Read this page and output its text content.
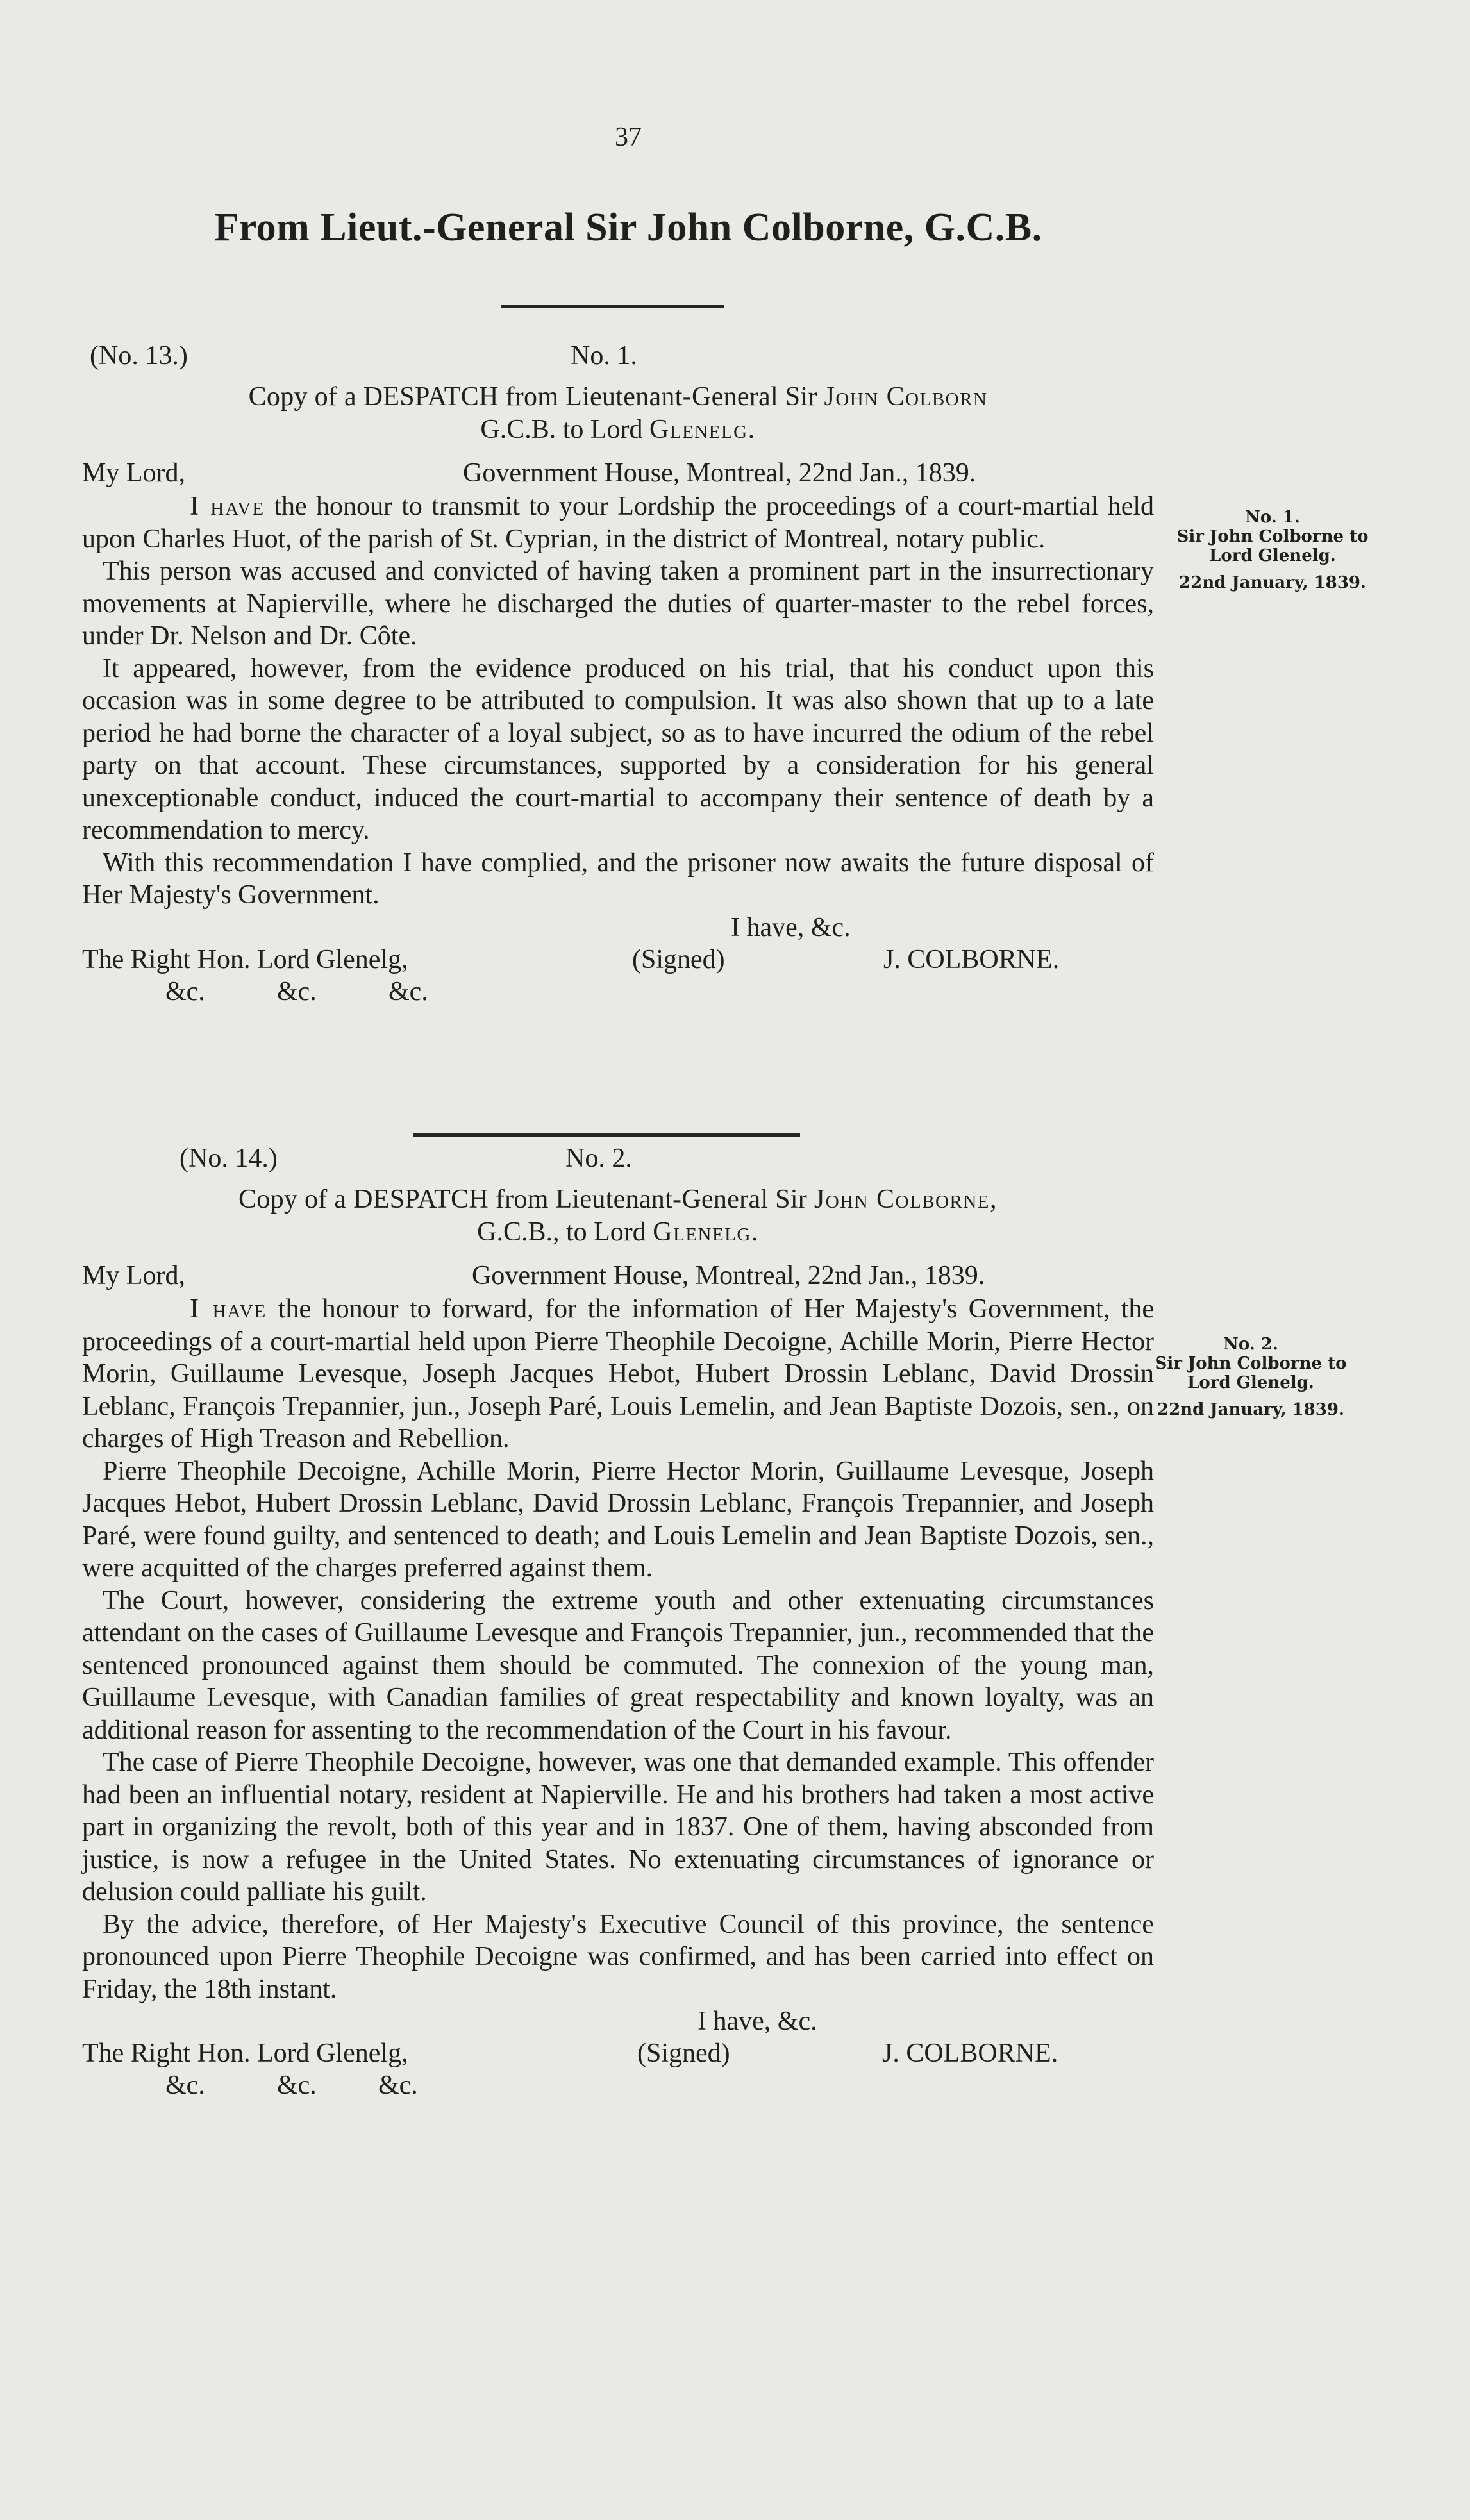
37
From Lieut.-General Sir John Colborne, G.C.B.
(No. 13.)	No. 1.
Copy of a DESPATCH from Lieutenant-General Sir John Colborn
G.C.B. to Lord Glenelg.
My Lord,	Government House, Montreal, 22nd Jan., 1839.

I have the honour to transmit to your Lordship the proceedings of a court-martial held upon Charles Huot, of the parish of St. Cyprian, in the district of Montreal, notary public.

This person was accused and convicted of having taken a prominent part in the insurrectionary movements at Napierville, where he discharged the duties of quarter-master to the rebel forces, under Dr. Nelson and Dr. Côte.

It appeared, however, from the evidence produced on his trial, that his conduct upon this occasion was in some degree to be attributed to compulsion. It was also shown that up to a late period he had borne the character of a loyal subject, so as to have incurred the odium of the rebel party on that account. These circumstances, supported by a consideration for his general unexceptionable conduct, induced the court-martial to accompany their sentence of death by a recommendation to mercy.

With this recommendation I have complied, and the prisoner now awaits the future disposal of Her Majesty's Government.

I have, &c.
The Right Hon. Lord Glenelg,	(Signed)	J. COLBORNE.
&c.	&c.	&c.
No. 1.
Sir John Colborne to
Lord Glenelg.
22nd January, 1839.
(No. 14.)	No. 2.
Copy of a DESPATCH from Lieutenant-General Sir John Colborne,
G.C.B., to Lord Glenelg.
My Lord,	Government House, Montreal, 22nd Jan., 1839.

I have the honour to forward, for the information of Her Majesty's Government, the proceedings of a court-martial held upon Pierre Theophile Decoigne, Achille Morin, Pierre Hector Morin, Guillaume Levesque, Joseph Jacques Hebot, Hubert Drossin Leblanc, David Drossin Leblanc, François Trepannier, jun., Joseph Paré, Louis Lemelin, and Jean Baptiste Dozois, sen., on charges of High Treason and Rebellion.

Pierre Theophile Decoigne, Achille Morin, Pierre Hector Morin, Guillaume Levesque, Joseph Jacques Hebot, Hubert Drossin Leblanc, David Drossin Leblanc, François Trepannier, and Joseph Paré, were found guilty, and sentenced to death; and Louis Lemelin and Jean Baptiste Dozois, sen., were acquitted of the charges preferred against them.

The Court, however, considering the extreme youth and other extenuating circumstances attendant on the cases of Guillaume Levesque and François Trepannier, jun., recommended that the sentenced pronounced against them should be commuted. The connexion of the young man, Guillaume Levesque, with Canadian families of great respectability and known loyalty, was an additional reason for assenting to the recommendation of the Court in his favour.

The case of Pierre Theophile Decoigne, however, was one that demanded example. This offender had been an influential notary, resident at Napierville. He and his brothers had taken a most active part in organizing the revolt, both of this year and in 1837. One of them, having absconded from justice, is now a refugee in the United States. No extenuating circumstances of ignorance or delusion could palliate his guilt.

By the advice, therefore, of Her Majesty's Executive Council of this province, the sentence pronounced upon Pierre Theophile Decoigne was confirmed, and has been carried into effect on Friday, the 18th instant.

I have, &c.
The Right Hon. Lord Glenelg,	(Signed)	J. COLBORNE.
&c.	&c. &c.
No. 2.
Sir John Colborne to
Lord Glenelg.
22nd January, 1839.
